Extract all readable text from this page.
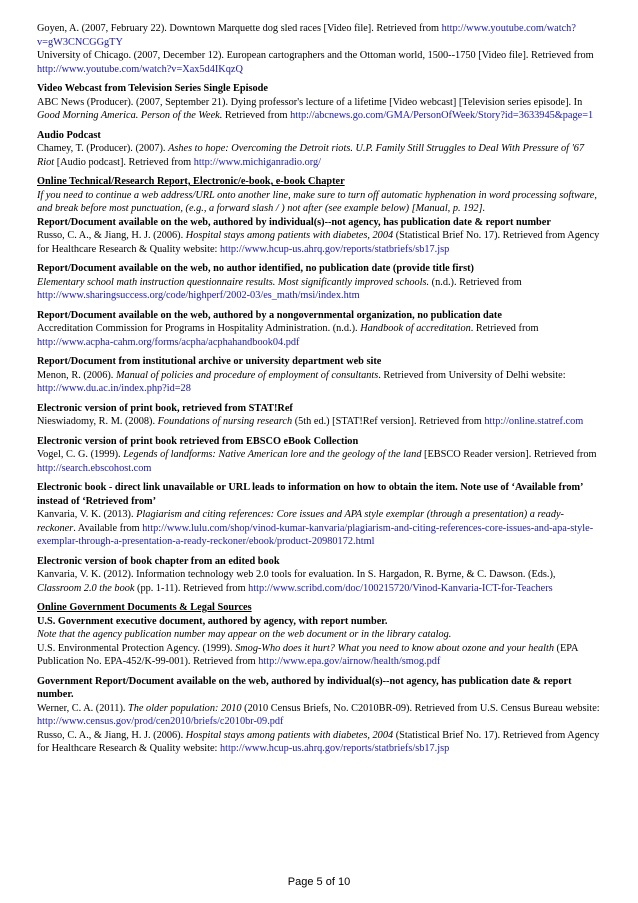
Goyen, A. (2007, February 22). Downtown Marquette dog sled races [Video file]. Retrieved from http://www.youtube.com/watch?v=gW3CNCGGgTY

University of Chicago. (2007, December 12). European cartographers and the Ottoman world, 1500--1750 [Video file]. Retrieved from http://www.youtube.com/watch?v=Xax5d4IKqzQ

Video Webcast from Television Series Single Episode

ABC News (Producer). (2007, September 21). Dying professor's lecture of a lifetime [Video webcast] [Television series episode]. In Good Morning America. Person of the Week. Retrieved from http://abcnews.go.com/GMA/PersonOfWeek/Story?id=3633945&page=1

Audio Podcast

Chamey, T. (Producer). (2007). Ashes to hope: Overcoming the Detroit riots. U.P. Family Still Struggles to Deal With Pressure of '67 Riot [Audio podcast]. Retrieved from http://www.michiganradio.org/

Online Technical/Research Report, Electronic/e-book, e-book Chapter

If you need to continue a web address/URL onto another line, make sure to turn off automatic hyphenation in word processing software, and break before most punctuation, (e.g., a forward slash / ) not after (see example below) [Manual, p. 192].

Report/Document available on the web, authored by individual(s)--not agency, has publication date & report number

Russo, C. A., & Jiang, H. J. (2006). Hospital stays among patients with diabetes, 2004 (Statistical Brief No. 17). Retrieved from Agency for Healthcare Research & Quality website: http://www.hcup-us.ahrq.gov/reports/statbriefs/sb17.jsp

Report/Document available on the web, no author identified, no publication date (provide title first)

Elementary school math instruction questionnaire results. Most significantly improved schools. (n.d.). Retrieved from http://www.sharingsuccess.org/code/highperf/2002-03/es_math/msi/index.htm

Report/Document available on the web, authored by a nongovernmental organization, no publication date

Accreditation Commission for Programs in Hospitality Administration. (n.d.). Handbook of accreditation. Retrieved from http://www.acpha-cahm.org/forms/acpha/acphahandbook04.pdf

Report/Document from institutional archive or university department web site

Menon, R. (2006). Manual of policies and procedure of employment of consultants. Retrieved from University of Delhi website: http://www.du.ac.in/index.php?id=28

Electronic version of print book, retrieved from STAT!Ref

Nieswiadomy, R. M. (2008). Foundations of nursing research (5th ed.) [STAT!Ref version]. Retrieved from http://online.statref.com

Electronic version of print book retrieved from EBSCO eBook Collection

Vogel, C. G. (1999). Legends of landforms: Native American lore and the geology of the land [EBSCO Reader version]. Retrieved from http://search.ebscohost.com

Electronic book - direct link unavailable or URL leads to information on how to obtain the item. Note use of ‘Available from’ instead of ‘Retrieved from’

Kanvaria, V. K. (2013). Plagiarism and citing references: Core issues and APA style exemplar (through a presentation) a ready-reckoner. Available from http://www.lulu.com/shop/vinod-kumar-kanvaria/plagiarism-and-citing-references-core-issues-and-apa-style-exemplar-through-a-presentation-a-ready-reckoner/ebook/product-20980172.html

Electronic version of book chapter from an edited book

Kanvaria, V. K. (2012). Information technology web 2.0 tools for evaluation. In S. Hargadon, R. Byrne, & C. Dawson. (Eds.), Classroom 2.0 the book (pp. 1-11). Retrieved from http://www.scribd.com/doc/100215720/Vinod-Kanvaria-ICT-for-Teachers

Online Government Documents & Legal Sources

U.S. Government executive document, authored by agency, with report number.

Note that the agency publication number may appear on the web document or in the library catalog.

U.S. Environmental Protection Agency. (1999). Smog-Who does it hurt? What you need to know about ozone and your health (EPA Publication No. EPA-452/K-99-001). Retrieved from http://www.epa.gov/airnow/health/smog.pdf

Government Report/Document available on the web, authored by individual(s)--not agency, has publication date & report number.

Werner, C. A. (2011). The older population: 2010 (2010 Census Briefs, No. C2010BR-09). Retrieved from U.S. Census Bureau website: http://www.census.gov/prod/cen2010/briefs/c2010br-09.pdf

Russo, C. A., & Jiang, H. J. (2006). Hospital stays among patients with diabetes, 2004 (Statistical Brief No. 17). Retrieved from Agency for Healthcare Research & Quality website: http://www.hcup-us.ahrq.gov/reports/statbriefs/sb17.jsp

Page 5 of 10
